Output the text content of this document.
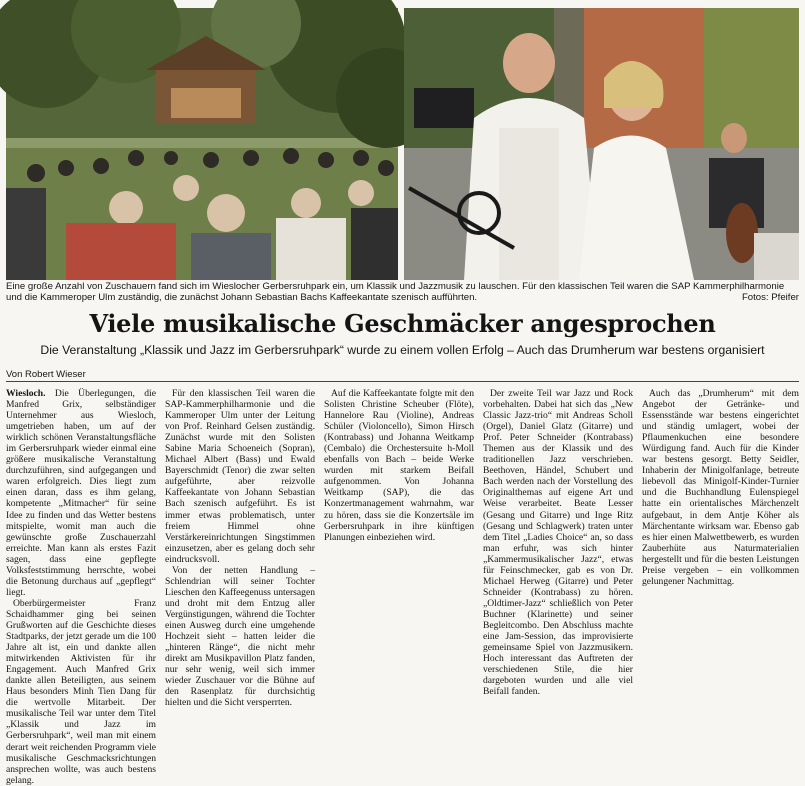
Eine große Anzahl von Zuschauern fand sich im Wieslocher Gerbersruhpark ein, um Klassik und Jazzmusik zu lauschen. Für den klassischen Teil waren die SAP Kammerphilharmonie und die Kammeroper Ulm zuständig, die zunächst Johann Sebastian Bachs Kaffeekantate szenisch aufführten.	Fotos: Pfeifer
Viele musikalische Geschmäcker angesprochen

Die Veranstaltung „Klassik und Jazz im Gerbersruhpark“ wurde zu einem vollen Erfolg – Auch das Drumherum war bestens organisiert

Von Robert Wieser

Wiesloch. Die Überlegungen, die Manfred Grix, selbständiger Unternehmer aus Wiesloch, umgetrieben haben, um auf der wirklich schönen Veranstaltungsfläche im Gerbersruhpark wieder einmal eine größere musikalische Veranstaltung durchzuführen, sind aufgegangen und waren erfolgreich. Dies liegt zum einen daran, dass es ihm gelang, kompetente „Mitmacher“ für seine Idee zu finden und das Wetter bestens mitspielte, womit man auch die gewünschte große Zuschauerzahl erreichte. Man kann als erstes Fazit sagen, dass eine gepflegte Volksfeststimmung herrschte, wobei die Betonung durchaus auf „gepflegt“ liegt.

Oberbürgermeister Franz Schaidhammer ging bei seinen Grußworten auf die Geschichte dieses Stadtparks, der jetzt gerade um die 100 Jahre alt ist, ein und dankte allen mitwirkenden Aktivisten für ihr Engagement. Auch Manfred Grix dankte allen Beteiligten, aus seinem Haus besonders Minh Tien Dang für die wertvolle Mitarbeit. Der musikalische Teil war unter dem Titel „Klassik und Jazz im Gerbersruhpark“, weil man mit einem derart weit reichenden Programm viele musikalische Geschmacksrichtungen ansprechen wollte, was auch bestens gelang.

Für den klassischen Teil waren die SAP-Kammerphilharmonie und die Kammeroper Ulm unter der Leitung von Prof. Reinhard Gelsen zuständig. Zunächst wurde mit den Solisten Sabine Maria Schoeneich (Sopran), Michael Albert (Bass) und Ewald Bayerschmidt (Tenor) die zwar selten aufgeführte, aber reizvolle Kaffeekantate von Johann Sebastian Bach szenisch aufgeführt. Es ist immer etwas problematisch, unter freiem Himmel ohne Verstärkereinrichtungen Singstimmen einzusetzen, aber es gelang doch sehr eindrucksvoll.

Von der netten Handlung – Schlendrian will seiner Tochter Lieschen den Kaffeegenuss untersagen und droht mit dem Entzug aller Vergünstigungen, während die Tochter einen Ausweg durch eine umgehende Hochzeit sieht – hatten leider die „hinteren Ränge“, die nicht mehr direkt am Musikpavillon Platz fanden, nur sehr wenig, weil sich immer wieder Zuschauer vor die Bühne auf den Rasenplatz für durchsichtig hielten und die Sicht versperrten.

Auf die Kaffeekantate folgte mit den Solisten Christine Scheuber (Flöte), Hannelore Rau (Violine), Andreas Schüler (Violoncello), Simon Hirsch (Kontrabass) und Johanna Weitkamp (Cembalo) die Orchestersuite h-Moll ebenfalls von Bach – beide Werke wurden mit starkem Beifall aufgenommen. Von Johanna Weitkamp (SAP), die das Konzertmanagement wahrnahm, war zu hören, dass sie die Konzertsäle im Gerbersruhpark in ihre künftigen Planungen einbeziehen wird.

Der zweite Teil war Jazz und Rock vorbehalten. Dabei hat sich das „New Classic Jazz-trio“ mit Andreas Scholl (Orgel), Daniel Glatz (Gitarre) und Prof. Peter Schneider (Kontrabass) Themen aus der Klassik und des traditionellen Jazz verschrieben. Beethoven, Händel, Schubert und Bach werden nach der Vorstellung des Originalthemas auf eigene Art und Weise verarbeitet. Beate Lesser (Gesang und Gitarre) und Inge Ritz (Gesang und Schlagwerk) traten unter dem Titel „Ladies Choice“ an, so dass man erfuhr, was sich hinter „Kammermusikalischer Jazz“, etwas für Feinschmecker, gab es von Dr. Michael Herweg (Gitarre) und Peter Schneider (Kontrabass) zu hören. „Oldtimer-Jazz“ schließlich von Peter Buchner (Klarinette) und seiner Begleitcombo. Den Abschluss machte eine Jam-Session, das improvisierte gemeinsame Spiel von Jazzmusikern. Hoch interessant das Auftreten der verschiedenen Stile, die hier dargeboten wurden und alle viel Beifall fanden.

Auch das „Drumherum“ mit dem Angebot der Getränke- und Essensstände war bestens eingerichtet und ständig umlagert, wobei der Pflaumenkuchen eine besondere Würdigung fand. Auch für die Kinder war bestens gesorgt. Betty Seidler, Inhaberin der Minigolfanlage, betreute liebevoll das Minigolf-Kinder-Turnier und die Buchhandlung Eulenspiegel hatte ein orientalisches Märchenzelt aufgebaut, in dem Antje Köher als Märchentante wirksam war. Ebenso gab es hier einen Malwettbewerb, es wurden Zauberhüte aus Naturmaterialien hergestellt und für die besten Leistungen Preise vergeben – ein vollkommen gelungener Nachmittag.
